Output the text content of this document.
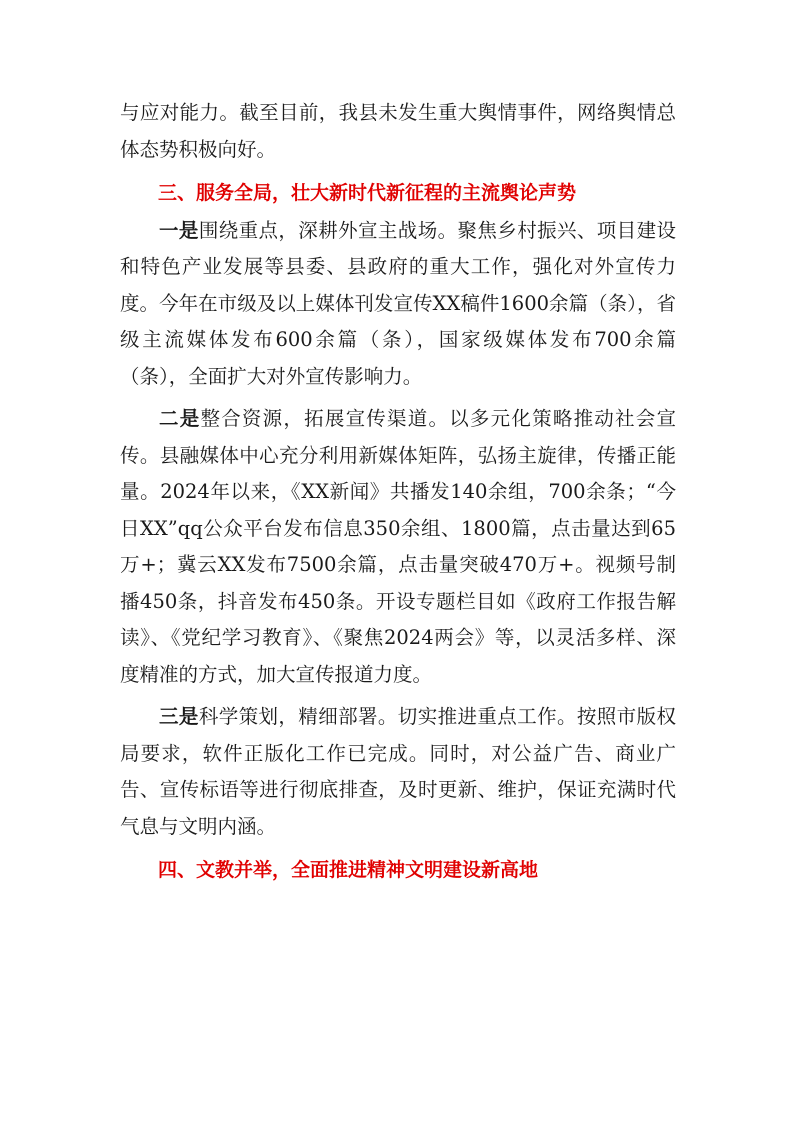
与应对能力。截至目前，我县未发生重大舆情事件，网络舆情总体态势积极向好。

三、服务全局，壮大新时代新征程的主流舆论声势

一是围绕重点，深耕外宣主战场。聚焦乡村振兴、项目建设和特色产业发展等县委、县政府的重大工作，强化对外宣传力度。今年在市级及以上媒体刊发宣传XX稿件1600余篇（条），省级主流媒体发布600余篇（条），国家级媒体发布700余篇（条），全面扩大对外宣传影响力。

二是整合资源，拓展宣传渠道。以多元化策略推动社会宣传。县融媒体中心充分利用新媒体矩阵，弘扬主旋律，传播正能量。2024年以来，《XX新闻》共播发140余组，700余条；“今日XX”qq公众平台发布信息350余组、1800篇，点击量达到65万+；冀云XX发布7500余篇，点击量突破470万+。视频号制播450条，抖音发布450条。开设专题栏目如《政府工作报告解读》、《党纪学习教育》、《聚焦2024两会》等，以灵活多样、深度精准的方式，加大宣传报道力度。

三是科学策划，精细部署。切实推进重点工作。按照市版权局要求，软件正版化工作已完成。同时，对公益广告、商业广告、宣传标语等进行彻底排查，及时更新、维护，保证充满时代气息与文明内涵。

四、文教并举，全面推进精神文明建设新高地
